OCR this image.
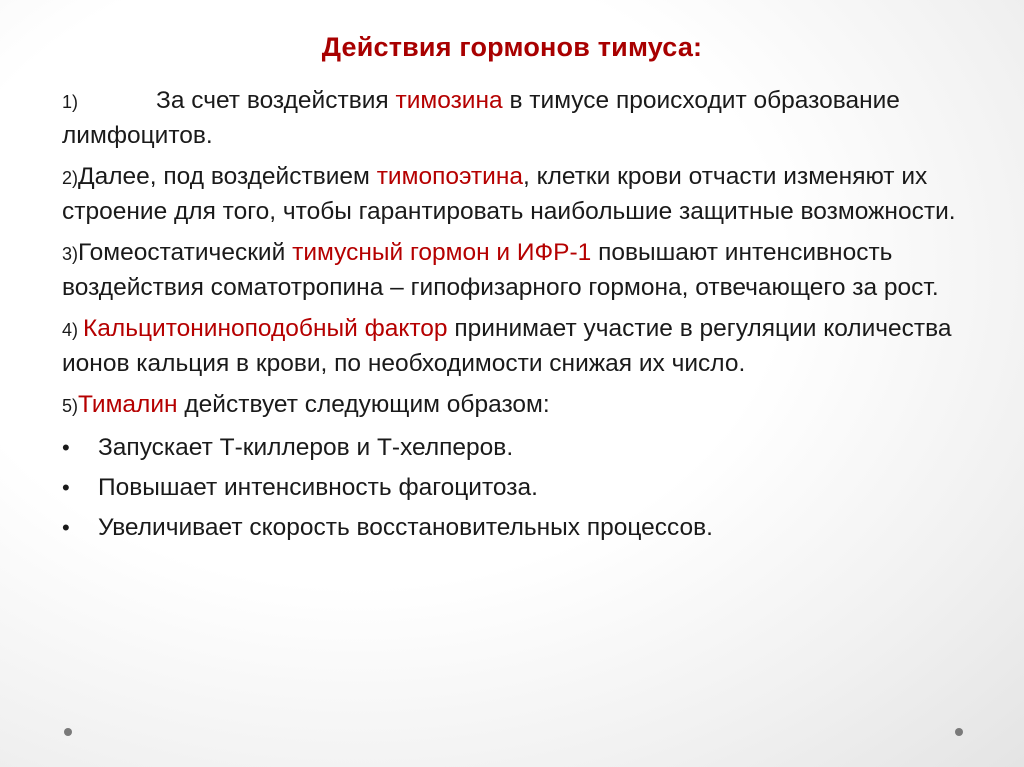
Действия гормонов тимуса:

1)	За счет воздействия тимозина в тимусе происходит образование лимфоцитов.

2)Далее, под воздействием тимопоэтина, клетки крови отчасти изменяют их строение для того, чтобы гарантировать наибольшие защитные возможности.

3)Гомеостатический тимусный гормон и ИФР-1 повышают интенсивность воздействия соматотропина – гипофизарного гормона, отвечающего за рост.

4) Кальцитониноподобный фактор принимает участие в регуляции количества ионов кальция в крови, по необходимости снижая их число.

5)Тималин действует следующим образом:

• Запускает Т-киллеров и Т-хелперов.
• Повышает интенсивность фагоцитоза.
• Увеличивает скорость восстановительных процессов.
